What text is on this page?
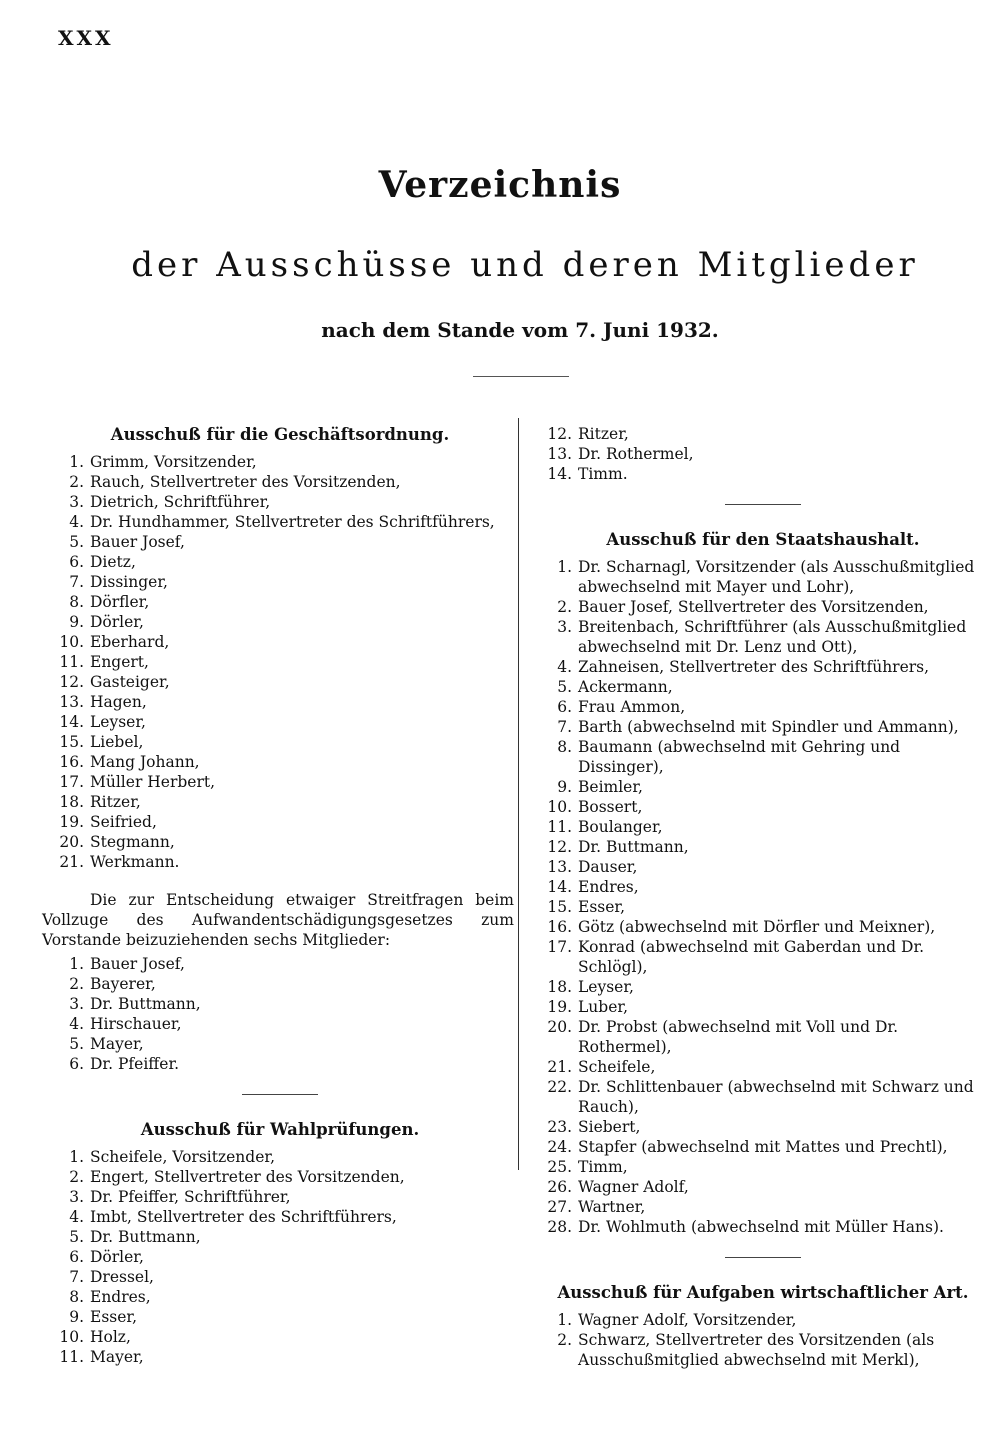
XXX
Verzeichnis
der Ausschüsse und deren Mitglieder
nach dem Stande vom 7. Juni 1932.
Ausschuß für die Geschäftsordnung.
1. Grimm, Vorsitzender,
2. Rauch, Stellvertreter des Vorsitzenden,
3. Dietrich, Schriftführer,
4. Dr. Hundhammer, Stellvertreter des Schriftführers,
5. Bauer Josef,
6. Dietz,
7. Dissinger,
8. Dörfler,
9. Dörler,
10. Eberhard,
11. Engert,
12. Gasteiger,
13. Hagen,
14. Leyser,
15. Liebel,
16. Mang Johann,
17. Müller Herbert,
18. Ritzer,
19. Seifried,
20. Stegmann,
21. Werkmann.
Die zur Entscheidung etwaiger Streitfragen beim Vollzuge des Aufwandentschädigungsgesetzes zum Vorstande beizuziehenden sechs Mitglieder:
1. Bauer Josef,
2. Bayerer,
3. Dr. Buttmann,
4. Hirschauer,
5. Mayer,
6. Dr. Pfeiffer.
Ausschuß für Wahlprüfungen.
1. Scheifele, Vorsitzender,
2. Engert, Stellvertreter des Vorsitzenden,
3. Dr. Pfeiffer, Schriftführer,
4. Imbt, Stellvertreter des Schriftführers,
5. Dr. Buttmann,
6. Dörler,
7. Dressel,
8. Endres,
9. Esser,
10. Holz,
11. Mayer,
12. Ritzer,
13. Dr. Rothermel,
14. Timm.
Ausschuß für den Staatshaushalt.
1. Dr. Scharnagl, Vorsitzender (als Ausschußmitglied abwechselnd mit Mayer und Lohr),
2. Bauer Josef, Stellvertreter des Vorsitzenden,
3. Breitenbach, Schriftführer (als Ausschußmitglied abwechselnd mit Dr. Lenz und Ott),
4. Zahneisen, Stellvertreter des Schriftführers,
5. Ackermann,
6. Frau Ammon,
7. Barth (abwechselnd mit Spindler und Ammann),
8. Baumann (abwechselnd mit Gehring und Dissinger),
9. Beimler,
10. Bossert,
11. Boulanger,
12. Dr. Buttmann,
13. Dauser,
14. Endres,
15. Esser,
16. Götz (abwechselnd mit Dörfler und Meixner),
17. Konrad (abwechselnd mit Gaberdan und Dr. Schlögl),
18. Leyser,
19. Luber,
20. Dr. Probst (abwechselnd mit Voll und Dr. Rothermel),
21. Scheifele,
22. Dr. Schlittenbauer (abwechselnd mit Schwarz und Rauch),
23. Siebert,
24. Stapfer (abwechselnd mit Mattes und Prechtl),
25. Timm,
26. Wagner Adolf,
27. Wartner,
28. Dr. Wohlmuth (abwechselnd mit Müller Hans).
Ausschuß für Aufgaben wirtschaftlicher Art.
1. Wagner Adolf, Vorsitzender,
2. Schwarz, Stellvertreter des Vorsitzenden (als Ausschußmitglied abwechselnd mit Merkl),
